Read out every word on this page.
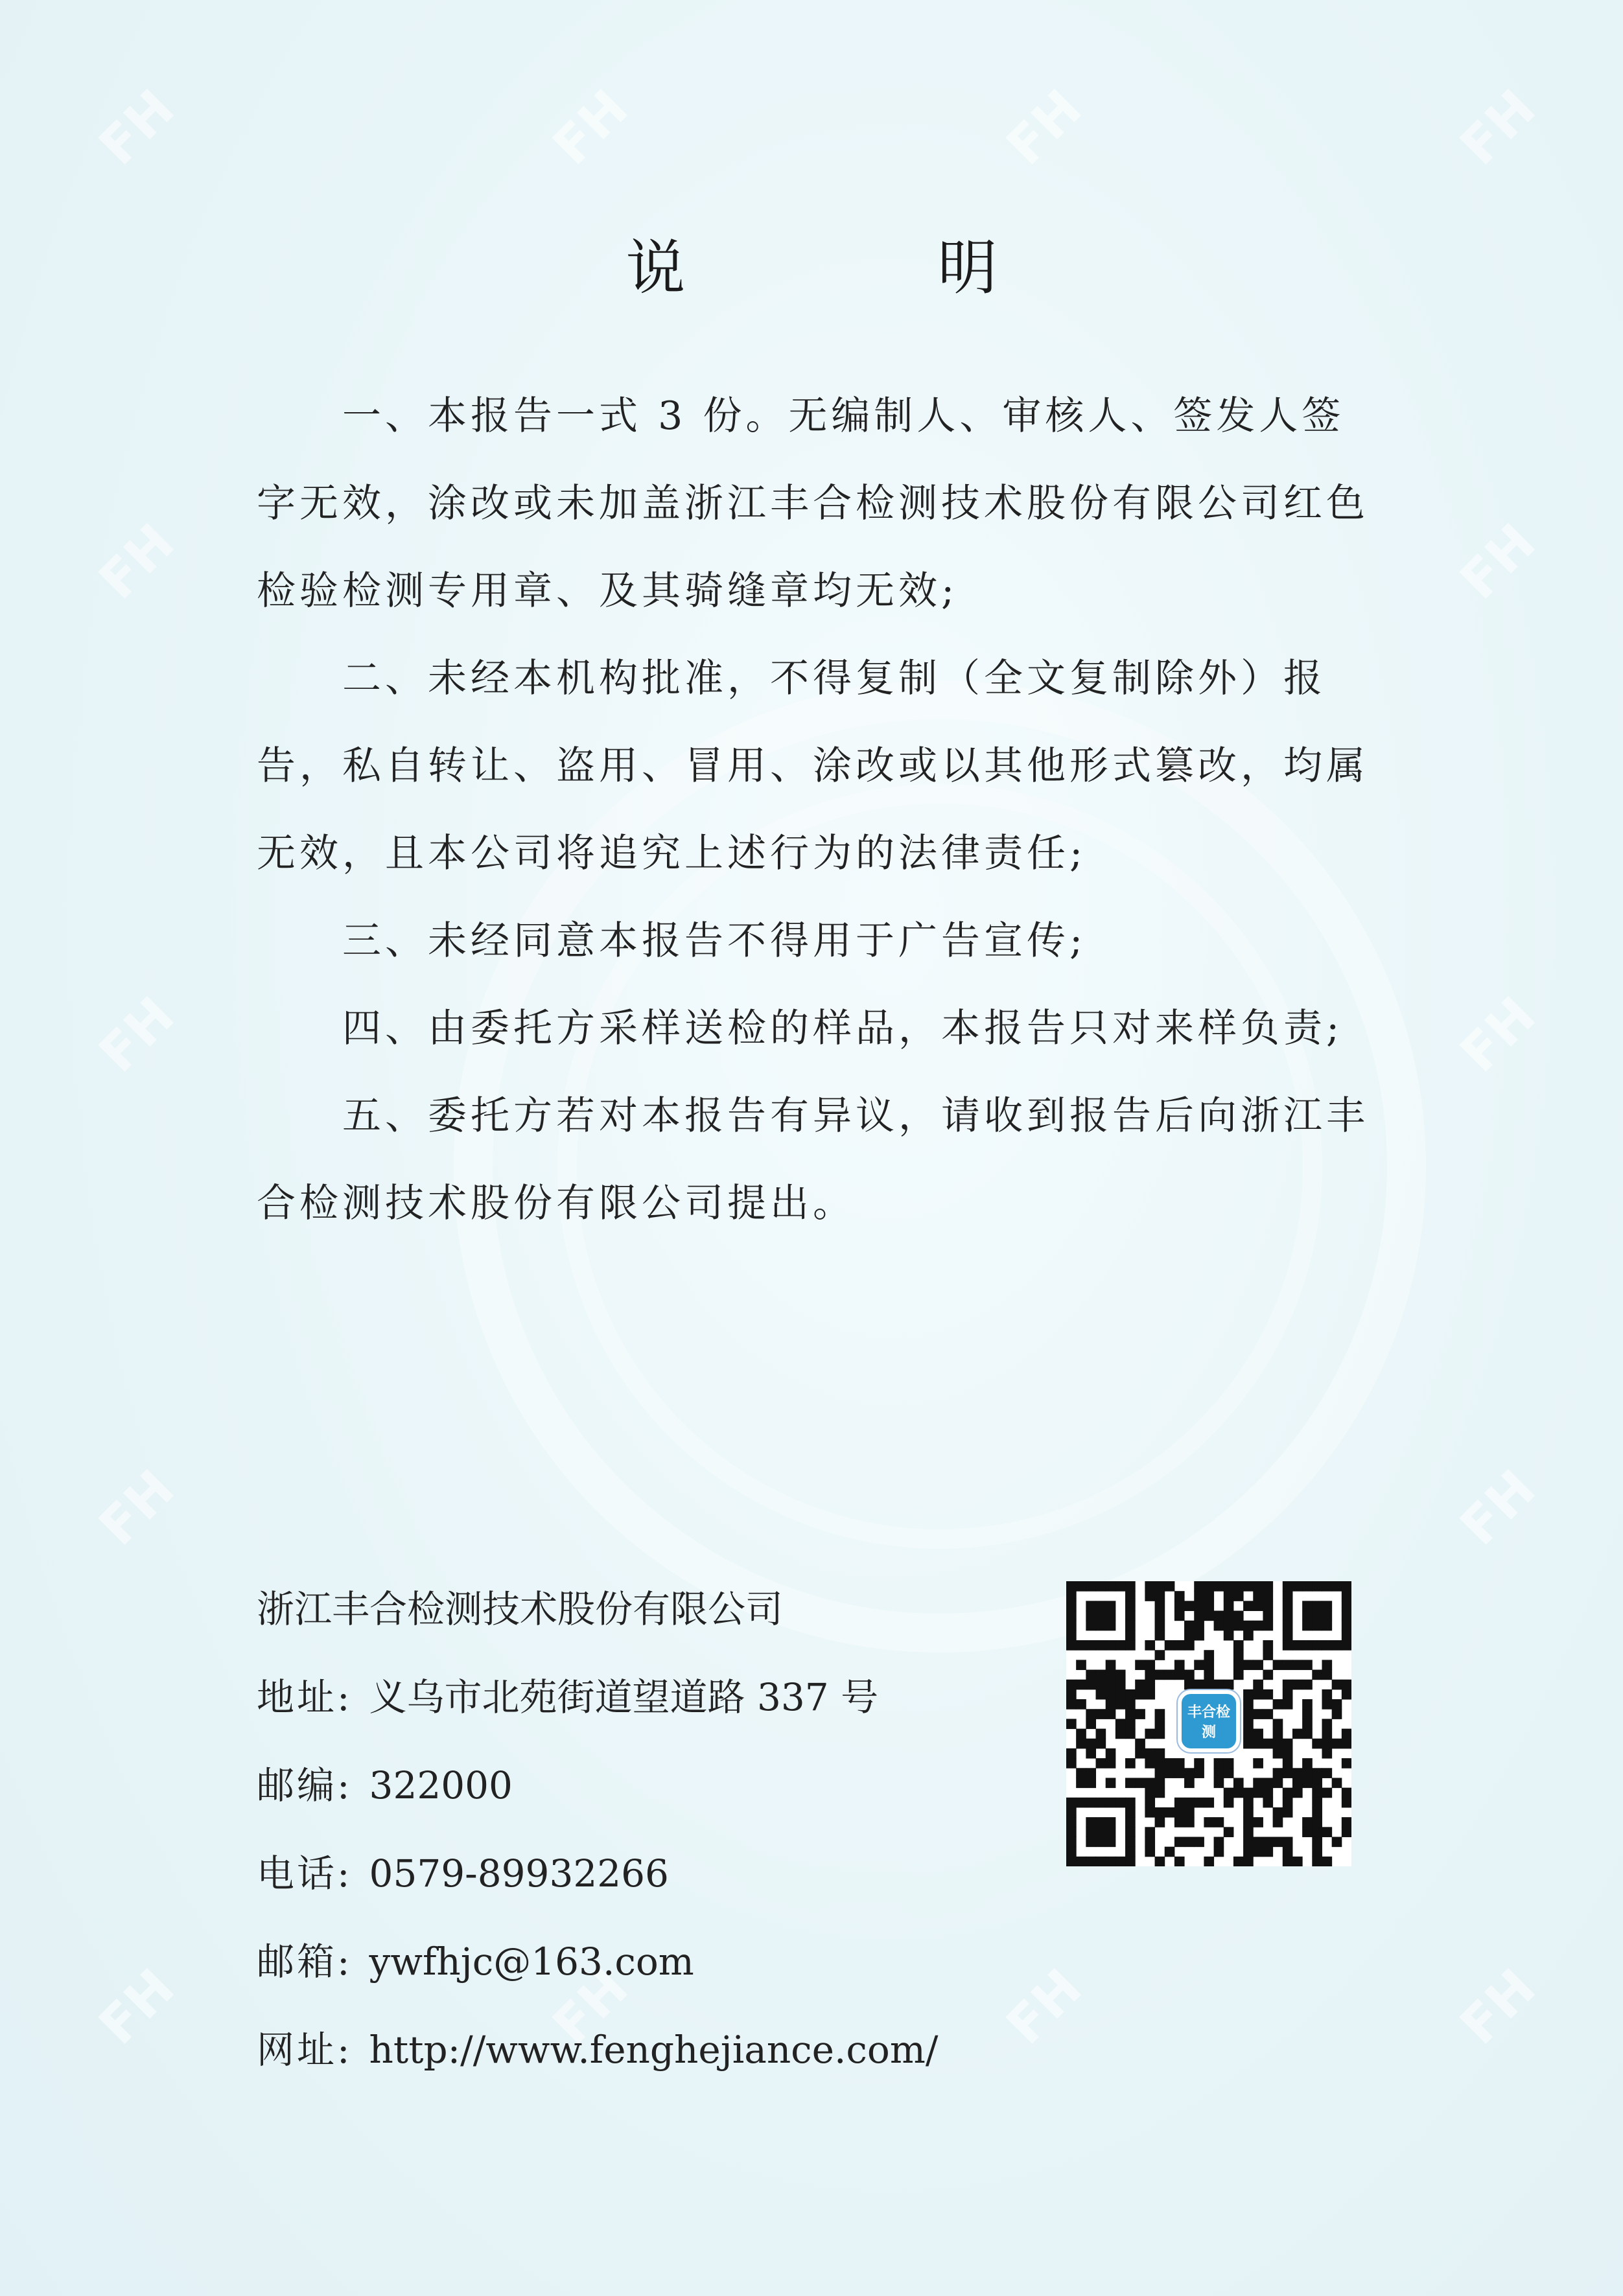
FH	FH	FH	FH
FH	FH
FH	FH
FH	FH
FH	FH	FH	FH
说 明

一、本报告一式 3 份。无编制人、审核人、签发人签字无效，涂改或未加盖浙江丰合检测技术股份有限公司红色检验检测专用章、及其骑缝章均无效;

二、未经本机构批准，不得复制（全文复制除外）报告，私自转让、盗用、冒用、涂改或以其他形式篡改，均属无效，且本公司将追究上述行为的法律责任;

三、未经同意本报告不得用于广告宣传;

四、由委托方采样送检的样品，本报告只对来样负责;

五、委托方若对本报告有异议，请收到报告后向浙江丰合检测技术股份有限公司提出。

浙江丰合检测技术股份有限公司
地址: 义乌市北苑街道望道路 337 号
邮编: 322000
电话: 0579-89932266
邮箱: ywfhjc@163.com
网址: http://www.fenghejiance.com/
丰合检测
